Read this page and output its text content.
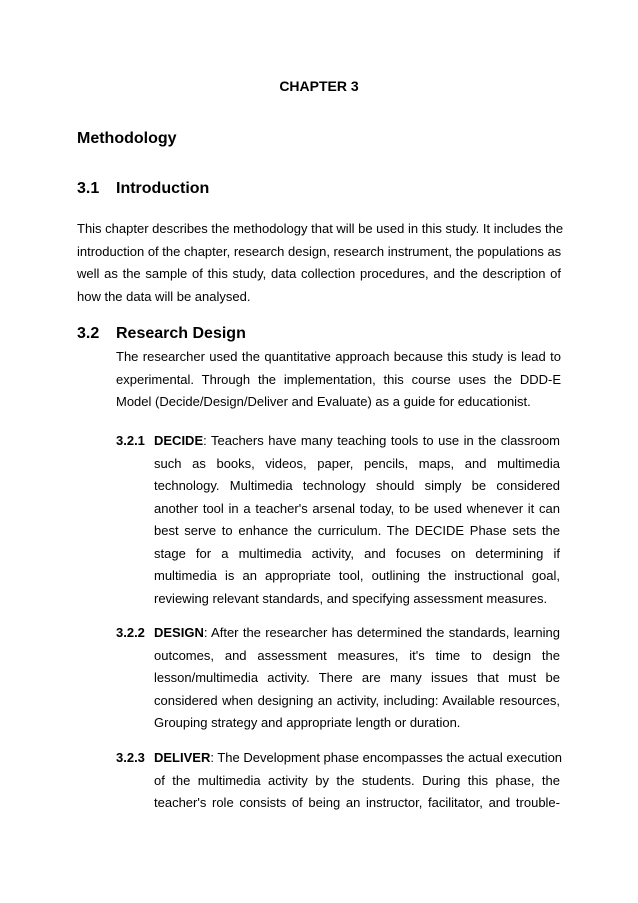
CHAPTER 3
Methodology
3.1 Introduction
This chapter describes the methodology that will be used in this study. It includes the
introduction of the chapter, research design, research instrument, the populations as
well as the sample of this study, data collection procedures, and the description of
how the data will be analysed.
3.2 Research Design
The researcher used the quantitative approach because this study is lead to
experimental. Through the implementation, this course uses the DDD-E
Model (Decide/Design/Deliver and Evaluate) as a guide for educationist.
3.2.1 DECIDE: Teachers have many teaching tools to use in the classroom
such as books, videos, paper, pencils, maps, and multimedia
technology. Multimedia technology should simply be considered
another tool in a teacher's arsenal today, to be used whenever it can
best serve to enhance the curriculum. The DECIDE Phase sets the
stage for a multimedia activity, and focuses on determining if
multimedia is an appropriate tool, outlining the instructional goal,
reviewing relevant standards, and specifying assessment measures.
3.2.2 DESIGN: After the researcher has determined the standards, learning
outcomes, and assessment measures, it's time to design the
lesson/multimedia activity. There are many issues that must be
considered when designing an activity, including: Available resources,
Grouping strategy and appropriate length or duration.
3.2.3 DELIVER: The Development phase encompasses the actual execution
of the multimedia activity by the students. During this phase, the
teacher's role consists of being an instructor, facilitator, and trouble-
